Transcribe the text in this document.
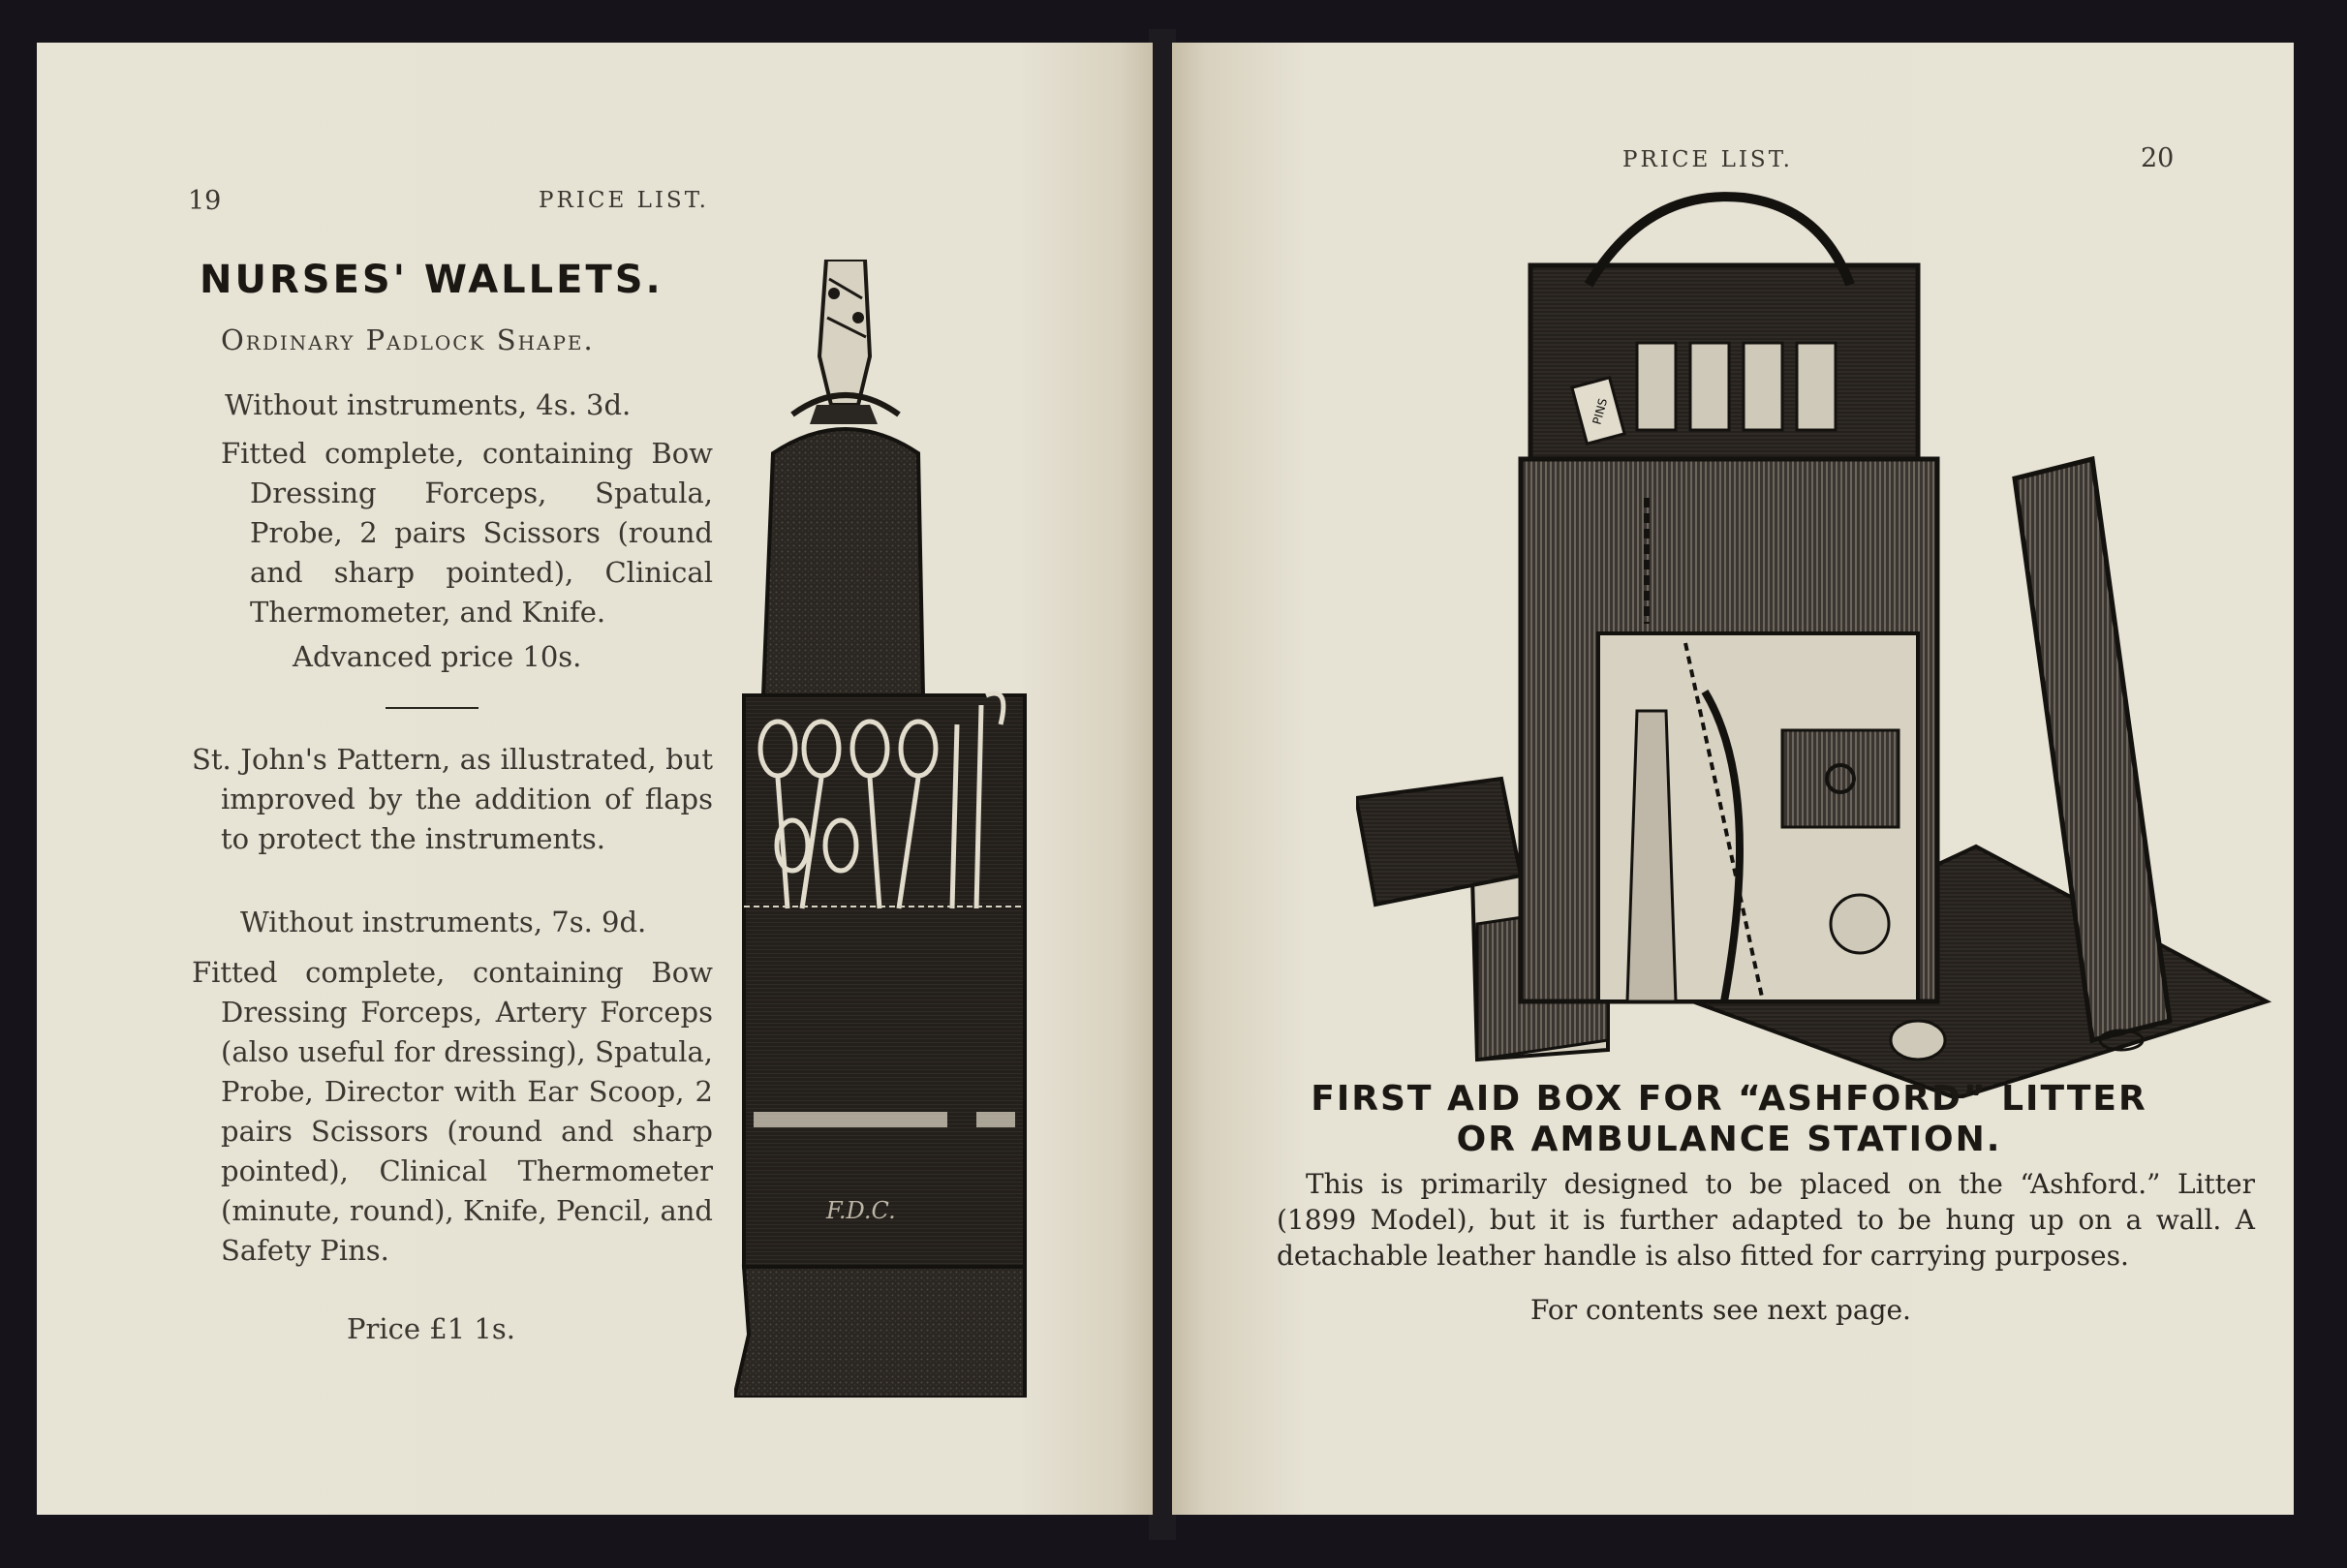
19	PRICE LIST.
NURSES' WALLETS.
Ordinary Padlock Shape.
Without instruments, 4s. 3d.
Fitted complete, containing Bow Dressing Forceps, Spatula, Probe, 2 pairs Scissors (round and sharp pointed), Clinical Thermometer, and Knife.
Advanced price 10s.
St. John's Pattern, as illustrated, but improved by the addition of flaps to protect the instruments.
Without instruments, 7s. 9d.
Fitted complete, containing Bow Dressing Forceps, Artery Forceps (also useful for dressing), Spatula, Probe, Director with Ear Scoop, 2 pairs Scissors (round and sharp pointed), Clinical Thermometer (minute, round), Knife, Pencil, and Safety Pins.
Price £1 1s.
F.D.C.
PRICE LIST.	20
PINS
FIRST AID BOX FOR “ASHFORD” LITTER
OR AMBULANCE STATION.
This is primarily designed to be placed on the “Ashford.” Litter (1899 Model), but it is further adapted to be hung up on a wall. A detachable leather handle is also fitted for carrying purposes.
For contents see next page.
